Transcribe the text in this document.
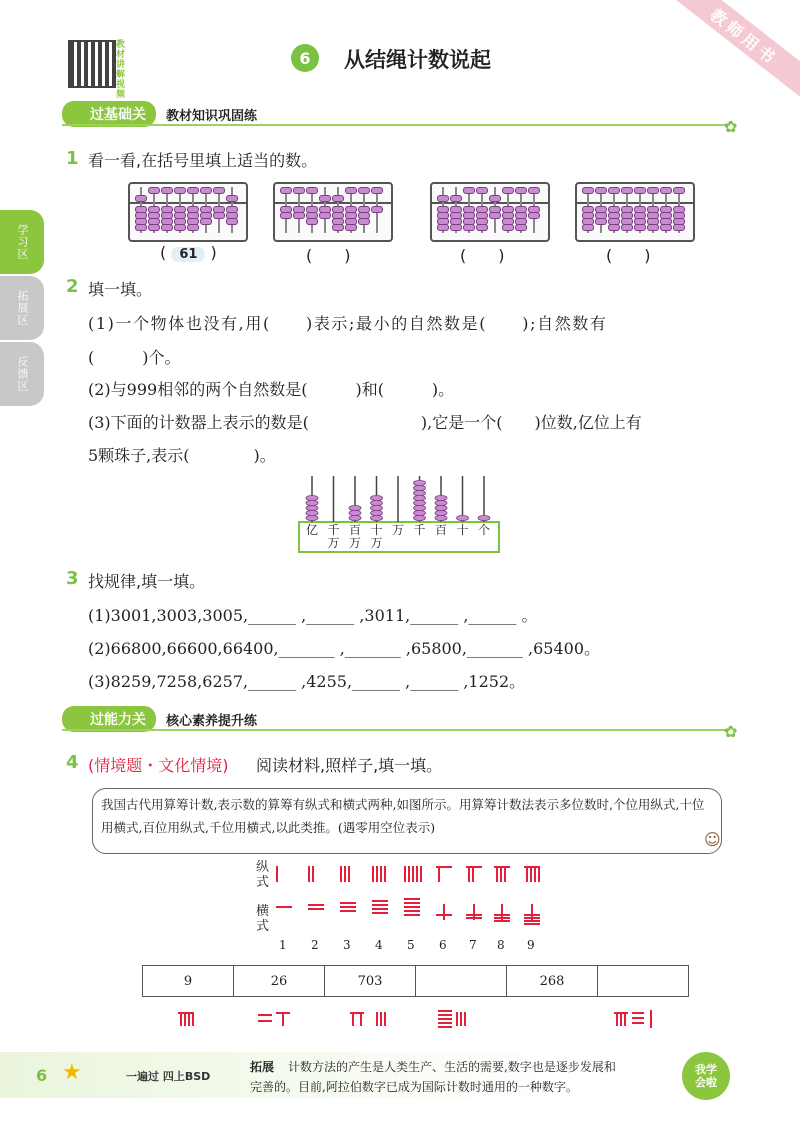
教师用书
教材讲解视频
6 从结绳计数说起
学习区
拓展区
反馈区
过基础关	教材知识巩固练
✿
1 看一看,在括号里填上适当的数。
( 61 )	(　　)	(　　)	(　　)
2 填一填。
(1)一个物体也没有,用(　　)表示;最小的自然数是(　　);自然数有
(　　　)个。
(2)与999相邻的两个自然数是(　　　)和(　　　)。
(3)下面的计数器上表示的数是(　　　　　　　),它是一个(　　)位数,亿位上有
5颗珠子,表示(　　　　)。
亿 千万
百万
十万
万 千 百 十 个
3 找规律,填一填。
(1)3001,3003,3005,______ ,______ ,3011,______ ,______ 。
(2)66800,66600,66400,_______ ,_______ ,65800,_______ ,65400。
(3)8259,7258,6257,______ ,4255,______ ,______ ,1252。
过能力关	核心素养提升练
✿
4 (情境题・文化情境) 阅读材料,照样子,填一填。
我国古代用算筹计数,表示数的算筹有纵式和横式两种,如图所示。用算筹计数法表示多位数时,个位用纵式,十位用横式,百位用纵式,千位用横式,以此类推。(遇零用空位表示)
☺
纵式
横式
1 2 3 4 5 6 7 8 9
9	26	703		268	
6 ★	一遍过 四上BSD
拓展 计数方法的产生是人类生产、生活的需要,数字也是逐步发展和
完善的。目前,阿拉伯数字已成为国际计数时通用的一种数字。
我学会啦
